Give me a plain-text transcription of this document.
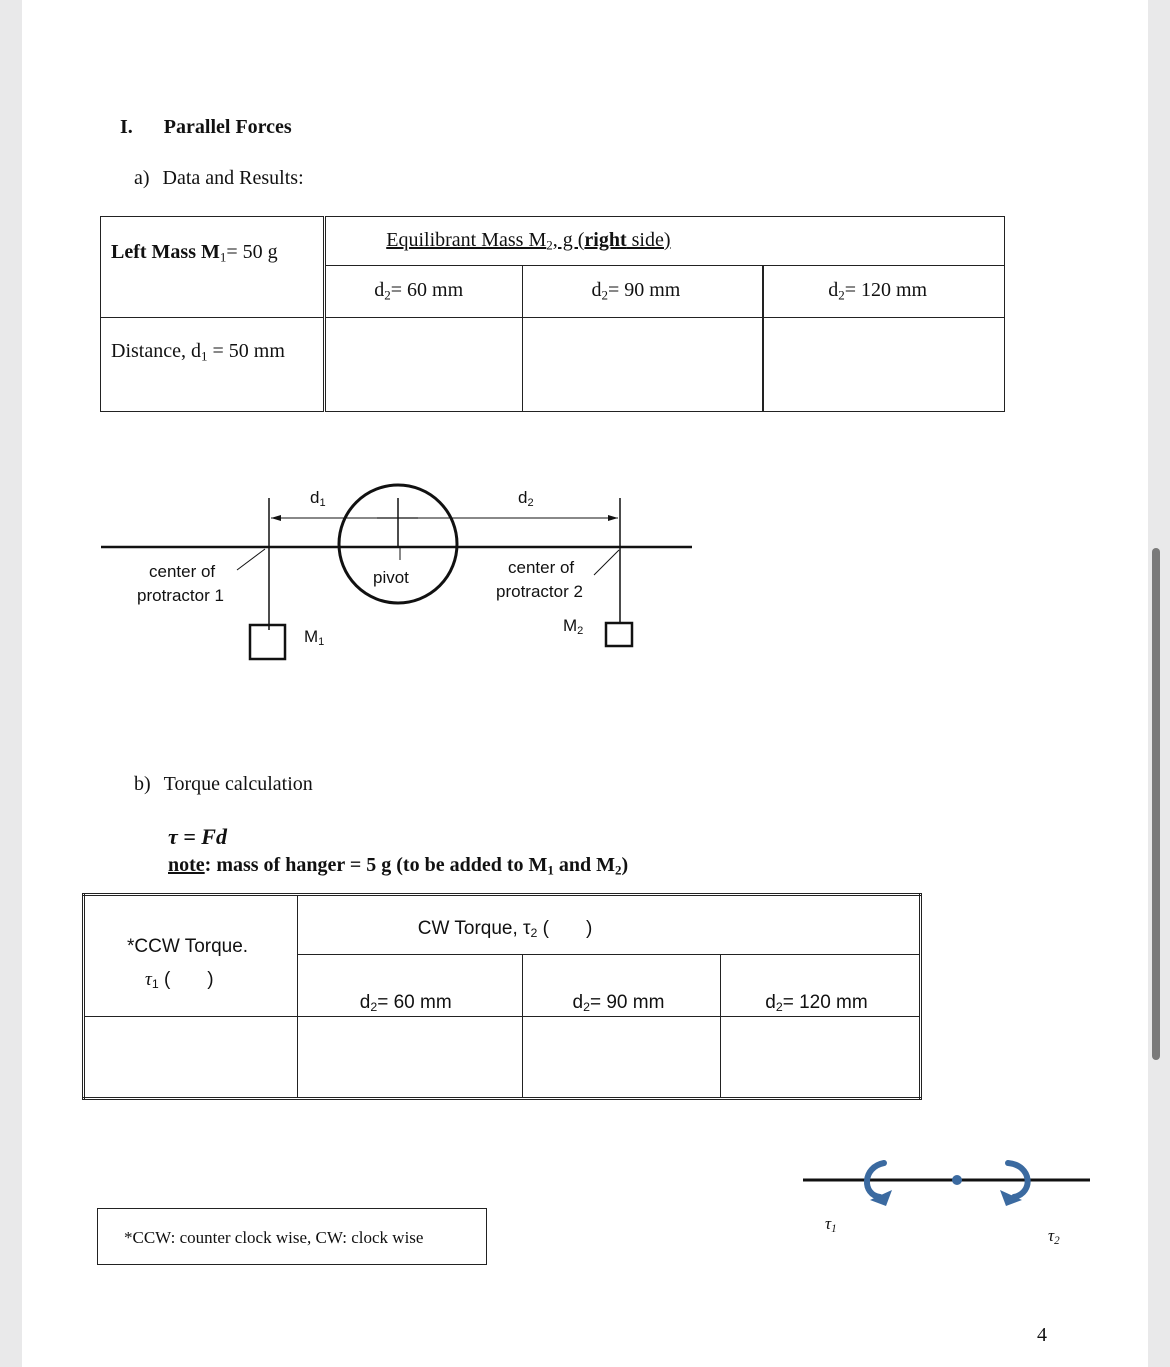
I. Parallel Forces
a) Data and Results:
Left Mass $M_1= 50$ g	Equilibrant Mass $M_2$, g (right side)		
	$d_2= 60$ mm	$d_2= 90$ mm	$d_2= 120$ mm
Distance, $d_1 = 50$ mm			
$d_1$	$d_2$
center of
protractor 1
pivot
center of
protractor 2
$M_1$
$M_2$
b) Torque calculation
τ = Fd
note: mass of hanger = 5 g (to be added to $M_1$ and $M_2$)
*CCW Torque.
$\tau_1$ (       )	CW Torque, $\tau_2$ (       )		
	$d_2= 60$ mm	$d_2= 90$ mm	$d_2= 120$ mm

*CCW: counter clock wise, CW: clock wise
$\tau_1$	$\tau_2$
4
